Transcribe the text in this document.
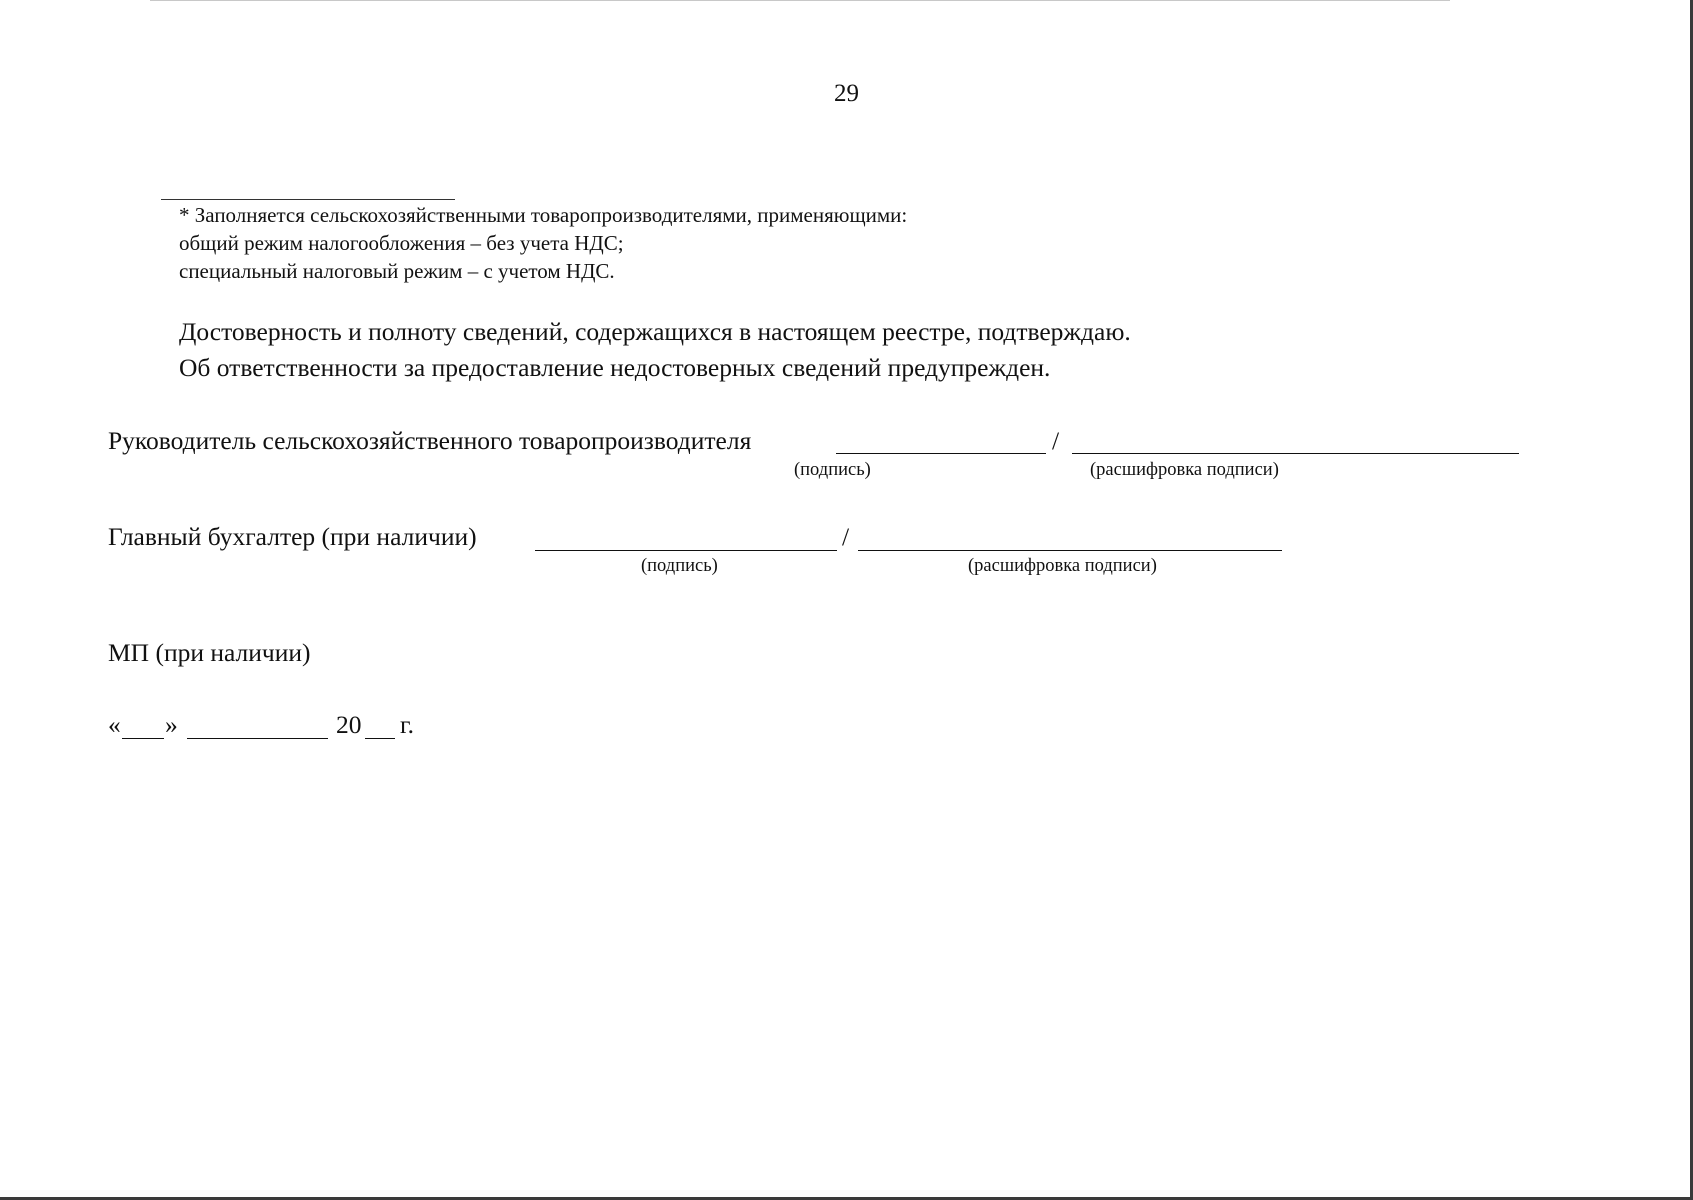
29
* Заполняется сельскохозяйственными товаропроизводителями, применяющими:
общий режим налогообложения – без учета НДС;
специальный налоговый режим – с учетом НДС.
Достоверность и полноту сведений, содержащихся в настоящем реестре, подтверждаю.
Об ответственности за предоставление недостоверных сведений предупрежден.
Руководитель сельскохозяйственного товаропроизводителя	/
(подпись)	(расшифровка подписи)
Главный бухгалтер (при наличии)	/
(подпись)	(расшифровка подписи)
МП (при наличии)
« »	20 г.
